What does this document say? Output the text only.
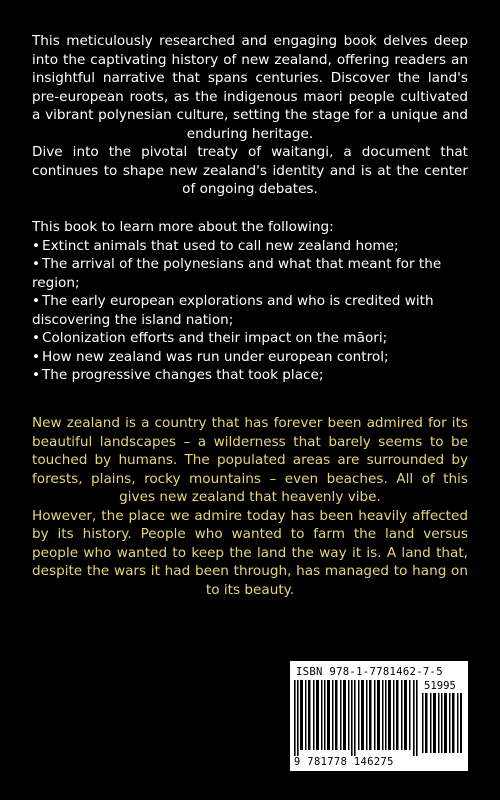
This meticulously researched and engaging book delves deep into the captivating history of new zealand, offering readers an insightful narrative that spans centuries. Discover the land's pre-european roots, as the indigenous maori people cultivated a vibrant polynesian culture, setting the stage for a unique and enduring heritage.

Dive into the pivotal treaty of waitangi, a document that continues to shape new zealand's identity and is at the center of ongoing debates.

This book to learn more about the following:

• Extinct animals that used to call new zealand home;
• The arrival of the polynesians and what that meant for the region;
• The early european explorations and who is credited with discovering the island nation;
• Colonization efforts and their impact on the māori;
• How new zealand was run under european control;
• The progressive changes that took place;

New zealand is a country that has forever been admired for its beautiful landscapes – a wilderness that barely seems to be touched by humans. The populated areas are surrounded by forests, plains, rocky mountains – even beaches. All of this gives new zealand that heavenly vibe.

However, the place we admire today has been heavily affected by its history. People who wanted to farm the land versus people who wanted to keep the land the way it is. A land that, despite the wars it had been through, has managed to hang on to its beauty.

ISBN 978-1-7781462-7-5
51995
9 781778 146275
